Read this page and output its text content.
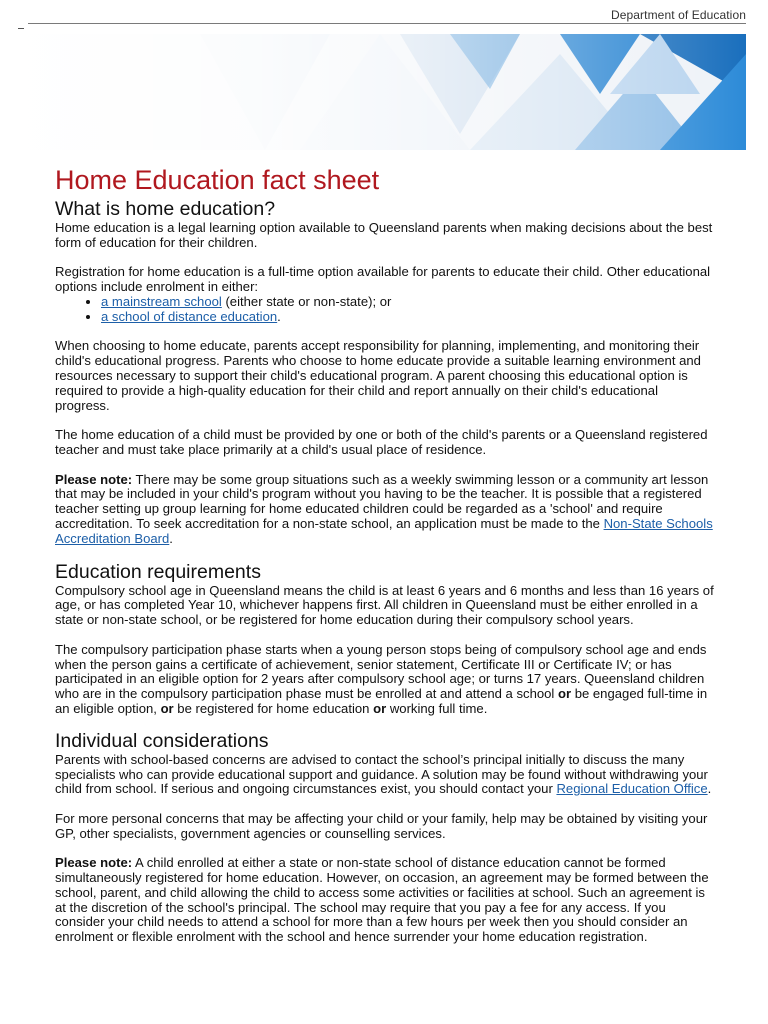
Department of Education
Home Education fact sheet
What is home education?

Home education is a legal learning option available to Queensland parents when making decisions about the best form of education for their children.

Registration for home education is a full-time option available for parents to educate their child. Other educational options include enrolment in either:

• a mainstream school (either state or non-state); or
• a school of distance education.

When choosing to home educate, parents accept responsibility for planning, implementing, and monitoring their child's educational progress. Parents who choose to home educate provide a suitable learning environment and resources necessary to support their child's educational program. A parent choosing this educational option is required to provide a high-quality education for their child and report annually on their child's educational progress.

The home education of a child must be provided by one or both of the child's parents or a Queensland registered teacher and must take place primarily at a child's usual place of residence.

Please note: There may be some group situations such as a weekly swimming lesson or a community art lesson that may be included in your child's program without you having to be the teacher. It is possible that a registered teacher setting up group learning for home educated children could be regarded as a 'school' and require accreditation. To seek accreditation for a non-state school, an application must be made to the Non-State Schools Accreditation Board.

Education requirements

Compulsory school age in Queensland means the child is at least 6 years and 6 months and less than 16 years of age, or has completed Year 10, whichever happens first. All children in Queensland must be either enrolled in a state or non-state school, or be registered for home education during their compulsory school years.

The compulsory participation phase starts when a young person stops being of compulsory school age and ends when the person gains a certificate of achievement, senior statement, Certificate III or Certificate IV; or has participated in an eligible option for 2 years after compulsory school age; or turns 17 years. Queensland children who are in the compulsory participation phase must be enrolled at and attend a school or be engaged full-time in an eligible option, or be registered for home education or working full time.

Individual considerations

Parents with school-based concerns are advised to contact the school’s principal initially to discuss the many specialists who can provide educational support and guidance. A solution may be found without withdrawing your child from school. If serious and ongoing circumstances exist, you should contact your Regional Education Office.

For more personal concerns that may be affecting your child or your family, help may be obtained by visiting your GP, other specialists, government agencies or counselling services.

Please note: A child enrolled at either a state or non-state school of distance education cannot be formed simultaneously registered for home education. However, on occasion, an agreement may be formed between the school, parent, and child allowing the child to access some activities or facilities at school. Such an agreement is at the discretion of the school's principal. The school may require that you pay a fee for any access. If you consider your child needs to attend a school for more than a few hours per week then you should consider an enrolment or flexible enrolment with the school and hence surrender your home education registration.
